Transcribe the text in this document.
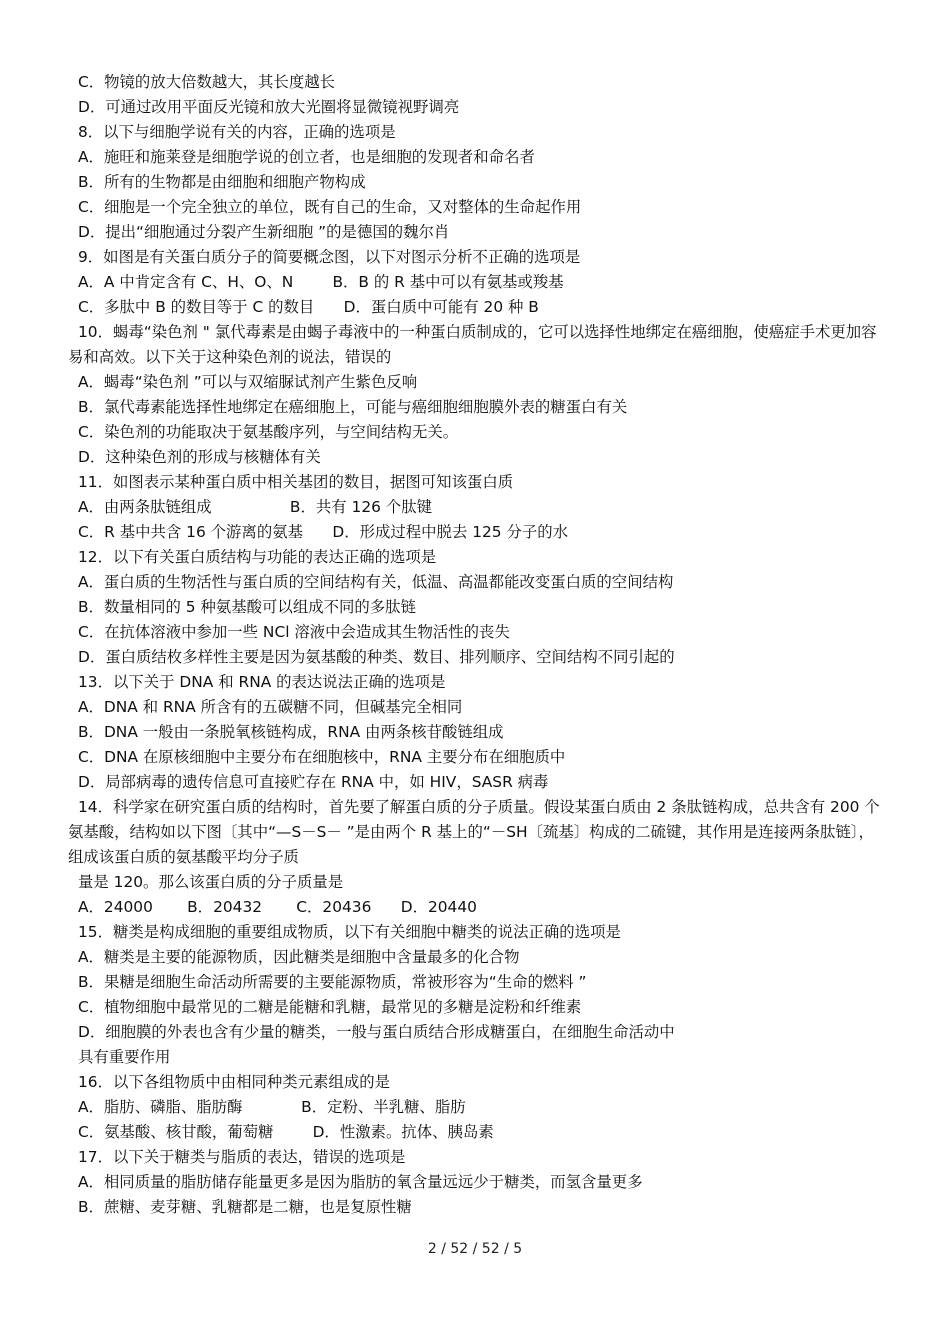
C．物镜的放大倍数越大，其长度越长
D．可通过改用平面反光镜和放大光圈将显微镜视野调亮
8．以下与细胞学说有关的内容，正确的选项是
A．施旺和施莱登是细胞学说的创立者，也是细胞的发现者和命名者
B．所有的生物都是由细胞和细胞产物构成
C．细胞是一个完全独立的单位，既有自己的生命，又对整体的生命起作用
D．提出“细胞通过分裂产生新细胞 ”的是德国的魏尔肖
9．如图是有关蛋白质分子的简要概念图，以下对图示分析不正确的选项是
A．A 中肯定含有 C、H、O、N        B．B 的 R 基中可以有氨基或羧基
C．多肽中 B 的数目等于 C 的数目      D．蛋白质中可能有 20 种 B
10．蝎毒“染色剂 " 氯代毒素是由蝎子毒液中的一种蛋白质制成的，它可以选择性地绑定在癌细胞，使癌症手术更加容易和高效。以下关于这种染色剂的说法，错误的
A．蝎毒“染色剂 ”可以与双缩脲试剂产生紫色反响
B．氯代毒素能选择性地绑定在癌细胞上，可能与癌细胞细胞膜外表的糖蛋白有关
C．染色剂的功能取决于氨基酸序列，与空间结构无关。
D．这种染色剂的形成与核糖体有关
11．如图表示某种蛋白质中相关基团的数目，据图可知该蛋白质
A．由两条肽链组成                B．共有 126 个肽键
C．R 基中共含 16 个游离的氨基      D．形成过程中脱去 125 分子的水
12．以下有关蛋白质结构与功能的表达正确的选项是
A．蛋白质的生物活性与蛋白质的空间结构有关，低温、高温都能改变蛋白质的空间结构
B．数量相同的 5 种氨基酸可以组成不同的多肽链
C．在抗体溶液中参加一些 NCl 溶液中会造成其生物活性的丧失
D．蛋白质结枚多样性主要是因为氨基酸的种类、数目、排列顺序、空间结构不同引起的
13．以下关于 DNA 和 RNA 的表达说法正确的选项是
A．DNA 和 RNA 所含有的五碳糖不同，但碱基完全相同
B．DNA 一般由一条脱氧核链构成，RNA 由两条核苷酸链组成
C．DNA 在原核细胞中主要分布在细胞核中，RNA 主要分布在细胞质中
D．局部病毒的遗传信息可直接贮存在 RNA 中，如 HIV，SASR 病毒
14．科学家在研究蛋白质的结构时，首先要了解蛋白质的分子质量。假设某蛋白质由 2 条肽链构成，总共含有 200 个氨基酸，结构如以下图〔其中“—S－S－ ”是由两个 R 基上的“－SH〔巯基〕构成的二硫键，其作用是连接两条肽链〕，组成该蛋白质的氨基酸平均分子质
量是 120。那么该蛋白质的分子质量是
A．24000       B．20432       C．20436      D．20440
15．糖类是构成细胞的重要组成物质，以下有关细胞中糖类的说法正确的选项是
A．糖类是主要的能源物质，因此糖类是细胞中含量最多的化合物
B．果糖是细胞生命活动所需要的主要能源物质，常被形容为“生命的燃料 ”
C．植物细胞中最常见的二糖是能糖和乳糖，最常见的多糖是淀粉和纤维素
D．细胞膜的外表也含有少量的糖类，一般与蛋白质结合形成糖蛋白，在细胞生命活动中
具有重要作用
16．以下各组物质中由相同种类元素组成的是
A．脂肪、磷脂、脂肪酶            B．定粉、半乳糖、脂肪
C．氨基酸、核甘酸，葡萄糖        D．性激素。抗体、胰岛素
17．以下关于糖类与脂质的表达，错误的选项是
A．相同质量的脂肪储存能量更多是因为脂肪的氧含量远远少于糖类，而氢含量更多
B．蔗糖、麦芽糖、乳糖都是二糖，也是复原性糖
2 / 52 / 52 / 5
